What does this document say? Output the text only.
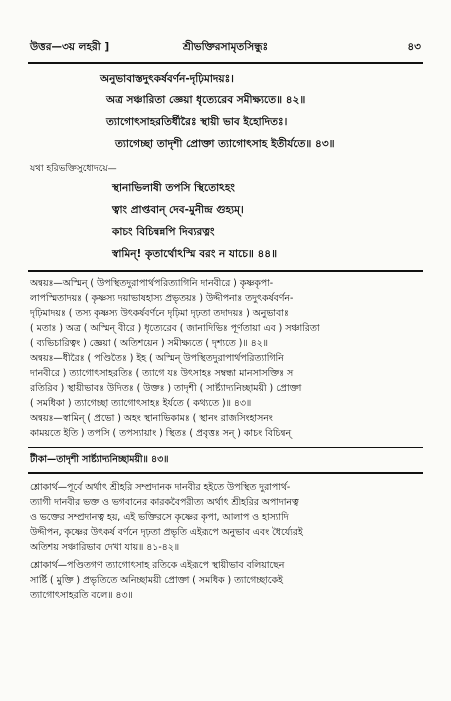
উত্তর—৩য় লহরী ]	শ্রীভক্তিরসামৃতসিন্ধুঃ	৪৩
অনুভাবাস্তদুৎকর্ষবর্ণন-দৃঢ়িমাদয়ঃ।
অত্র সঞ্চারিতা জ্ঞেয়া ধৃত্যেরেব সমীক্ষ্যতে॥ ৪২॥
ত্যাগোৎসাহরতির্ধীরৈঃ স্থায়ী ভাব ইহোদিতঃ।
ত্যাগেচ্ছা তাদৃশী প্রোক্তা ত্যাগোৎসাহ ইতীর্যতে॥ ৪৩॥
যথা হরিভক্তিসুধোদয়ে—
স্থানাভিলাষী তপসি স্থিতোঽহং
ত্বাং প্রাপ্তবান্‌ দেব-মুনীন্দ্র গুহ্যম্‌।
কাচং বিচিন্বন্নপি দিব্যরত্নং
স্বামিন্‌! কৃতার্থোঽস্মি বরং ন যাচে॥ ৪৪॥
অন্বয়ঃ—অস্মিন্‌ ( উপস্থিতদুরাপার্থপরিত্যাগিনি দানবীরে ) কৃষ্ণকৃপা-
লাপস্মিতাদয়ঃ ( কৃষ্ণস্য দয়াভাষহাস্য প্রভৃতয়ঃ ) উদ্দীপনাঃ তদুৎকর্ষবর্ণন-
দৃঢ়িমাদয়ঃ ( তস্য কৃষ্ণস্য উৎকর্ষবর্ণনে দৃঢ়িমা দৃঢ়তা তদাদয়ঃ ) অনুভাবাঃ
( মতাঃ ) অত্র ( অস্মিন্‌ বীরে ) ধৃত্যেরেব ( জানাদিভিঃ পূর্ণতায়া এব ) সঞ্চারিতা
( ব্যভিচারিত্বং ) জ্ঞেয়া ( অতিশয়েন ) সমীক্ষ্যতে ( দৃশ্যতে )॥ ৪২॥
অন্বয়ঃ—ধীরৈঃ ( পণ্ডিতৈঃ ) ইহ ( অস্মিন্‌ উপস্থিতদুরাপার্থপরিত্যাগিনি
দানবীরে ) ত্যাগোৎসাহরতিঃ ( ত্যাগে যঃ উৎসাহঃ সম্বন্ধা মানসাসক্তিঃ স
রতিরিব ) স্থায়ীভাবঃ উদিতঃ ( উক্তঃ ) তাদৃশী ( সার্ষ্ট্যাদ্যনিচ্ছাময়ী ) প্রোক্তা
( সমধিকা ) ত্যাগেচ্ছা ত্যাগোৎসাহঃ ইর্যতে ( কথ্যতে )॥ ৪৩॥
অন্বয়ঃ—স্বামিন্‌ ( প্রভো ) অহং স্থানাভিকামঃ ( স্থানং রাজসিংহাসনং
কাময়তে ইতি ) তপসি ( তপস্যায়াং ) স্থিতঃ ( প্রবৃত্তঃ সন্‌ ) কাচং বিচিন্বন্‌
টীকা—তাদৃশী সার্ষ্ট্যাদ্যনিচ্ছাময়ী॥ ৪৩॥
শ্লোকার্থ—পূর্বে অর্থাৎ শ্রীহরি সম্প্রদানক দানবীর হইতে উপস্থিত দুরাপার্থ-
ত্যাগী দানবীর ভক্ত ও ভগবানের কারকবৈপরীত্য অর্থাৎ শ্রীহরির অপাদানত্ব
ও ভক্তের সম্প্রদানত্ব হয়, এই ভক্তিরসে কৃষ্ণের কৃপা, আলাপ ও হাস্যাদি
উদ্দীপন, কৃষ্ণের উৎকর্ষ বর্ণনে দৃঢ়তা প্রভৃতি এইরূপে অনুভাব এবং ধৈর্য্যেরই
অতিশয় সঞ্চারিভাব দেখা যায়॥ ৪১-৪২॥
শ্লোকার্থ—পণ্ডিতগণ ত্যাগোৎসাহ রতিকে এইরূপে স্থায়ীভাব বলিয়াছেন
সার্ষ্টি ( মুক্তি ) প্রভৃতিতে অনিচ্ছাময়ী প্রোক্তা ( সমধিক ) ত্যাগেচ্ছাকেই
ত্যাগোৎসাহরতি বলে॥ ৪৩॥
